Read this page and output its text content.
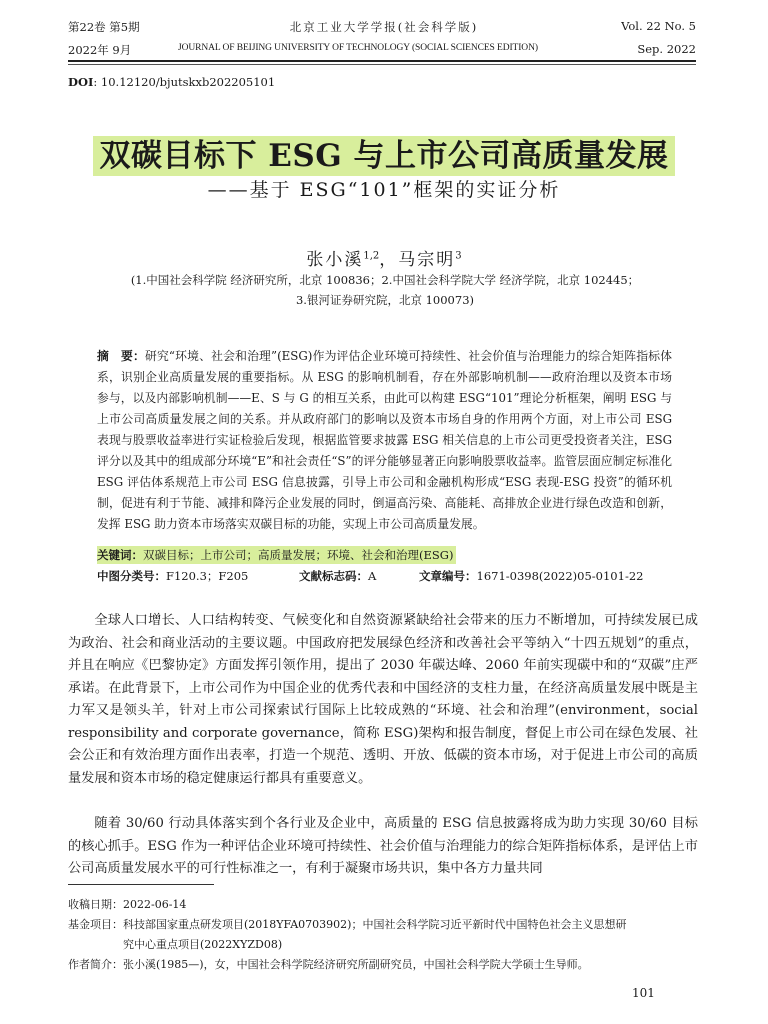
第22卷 第5期	北京工业大学学报(社会科学版)	Vol. 22 No. 5
2022年 9月	JOURNAL OF BEIJING UNIVERSITY OF TECHNOLOGY (SOCIAL SCIENCES EDITION)	Sep. 2022
DOI: 10.12120/bjutskxb202205101
双碳目标下 ESG 与上市公司高质量发展
——基于 ESG“101”框架的实证分析
张小溪$^{1,2}$，马宗明$^3$
(1.中国社会科学院 经济研究所，北京 100836；2.中国社会科学院大学 经济学院，北京 102445；
3.银河证券研究院，北京 100073)
摘　要：研究“环境、社会和治理”(ESG)作为评估企业环境可持续性、社会价值与治理能力的综合矩阵指标体系，识别企业高质量发展的重要指标。从 ESG 的影响机制看，存在外部影响机制——政府治理以及资本市场参与，以及内部影响机制——E、S 与 G 的相互关系，由此可以构建 ESG“101”理论分析框架，阐明 ESG 与上市公司高质量发展之间的关系。并从政府部门的影响以及资本市场自身的作用两个方面，对上市公司 ESG 表现与股票收益率进行实证检验后发现，根据监管要求披露 ESG 相关信息的上市公司更受投资者关注，ESG 评分以及其中的组成部分环境“E”和社会责任“S”的评分能够显著正向影响股票收益率。监管层面应制定标准化 ESG 评估体系规范上市公司 ESG 信息披露，引导上市公司和金融机构形成“ESG 表现-ESG 投资”的循环机制，促进有利于节能、减排和降污企业发展的同时，倒逼高污染、高能耗、高排放企业进行绿色改造和创新，发挥 ESG 助力资本市场落实双碳目标的功能，实现上市公司高质量发展。
关键词：双碳目标；上市公司；高质量发展；环境、社会和治理(ESG)
中图分类号：F120.3；F205	文献标志码：A	文章编号：1671-0398(2022)05-0101-22

全球人口增长、人口结构转变、气候变化和自然资源紧缺给社会带来的压力不断增加，可持续发展已成为政治、社会和商业活动的主要议题。中国政府把发展绿色经济和改善社会平等纳入“十四五规划”的重点，并且在响应《巴黎协定》方面发挥引领作用，提出了 2030 年碳达峰、2060 年前实现碳中和的“双碳”庄严承诺。在此背景下，上市公司作为中国企业的优秀代表和中国经济的支柱力量，在经济高质量发展中既是主力军又是领头羊，针对上市公司探索试行国际上比较成熟的“环境、社会和治理”(environment，social responsibility and corporate governance，简称 ESG)架构和报告制度，督促上市公司在绿色发展、社会公正和有效治理方面作出表率，打造一个规范、透明、开放、低碳的资本市场，对于促进上市公司的高质量发展和资本市场的稳定健康运行都具有重要意义。

随着 30/60 行动具体落实到个各行业及企业中，高质量的 ESG 信息披露将成为助力实现 30/60 目标的核心抓手。ESG 作为一种评估企业环境可持续性、社会价值与治理能力的综合矩阵指标体系，是评估上市公司高质量发展水平的可行性标准之一，有利于凝聚市场共识，集中各方力量共同

收稿日期：2022-06-14
基金项目：科技部国家重点研发项目(2018YFA0703902)；中国社会科学院习近平新时代中国特色社会主义思想研
究中心重点项目(2022XYZD08)
作者简介：张小溪(1985—)，女，中国社会科学院经济研究所副研究员，中国社会科学院大学硕士生导师。
101
